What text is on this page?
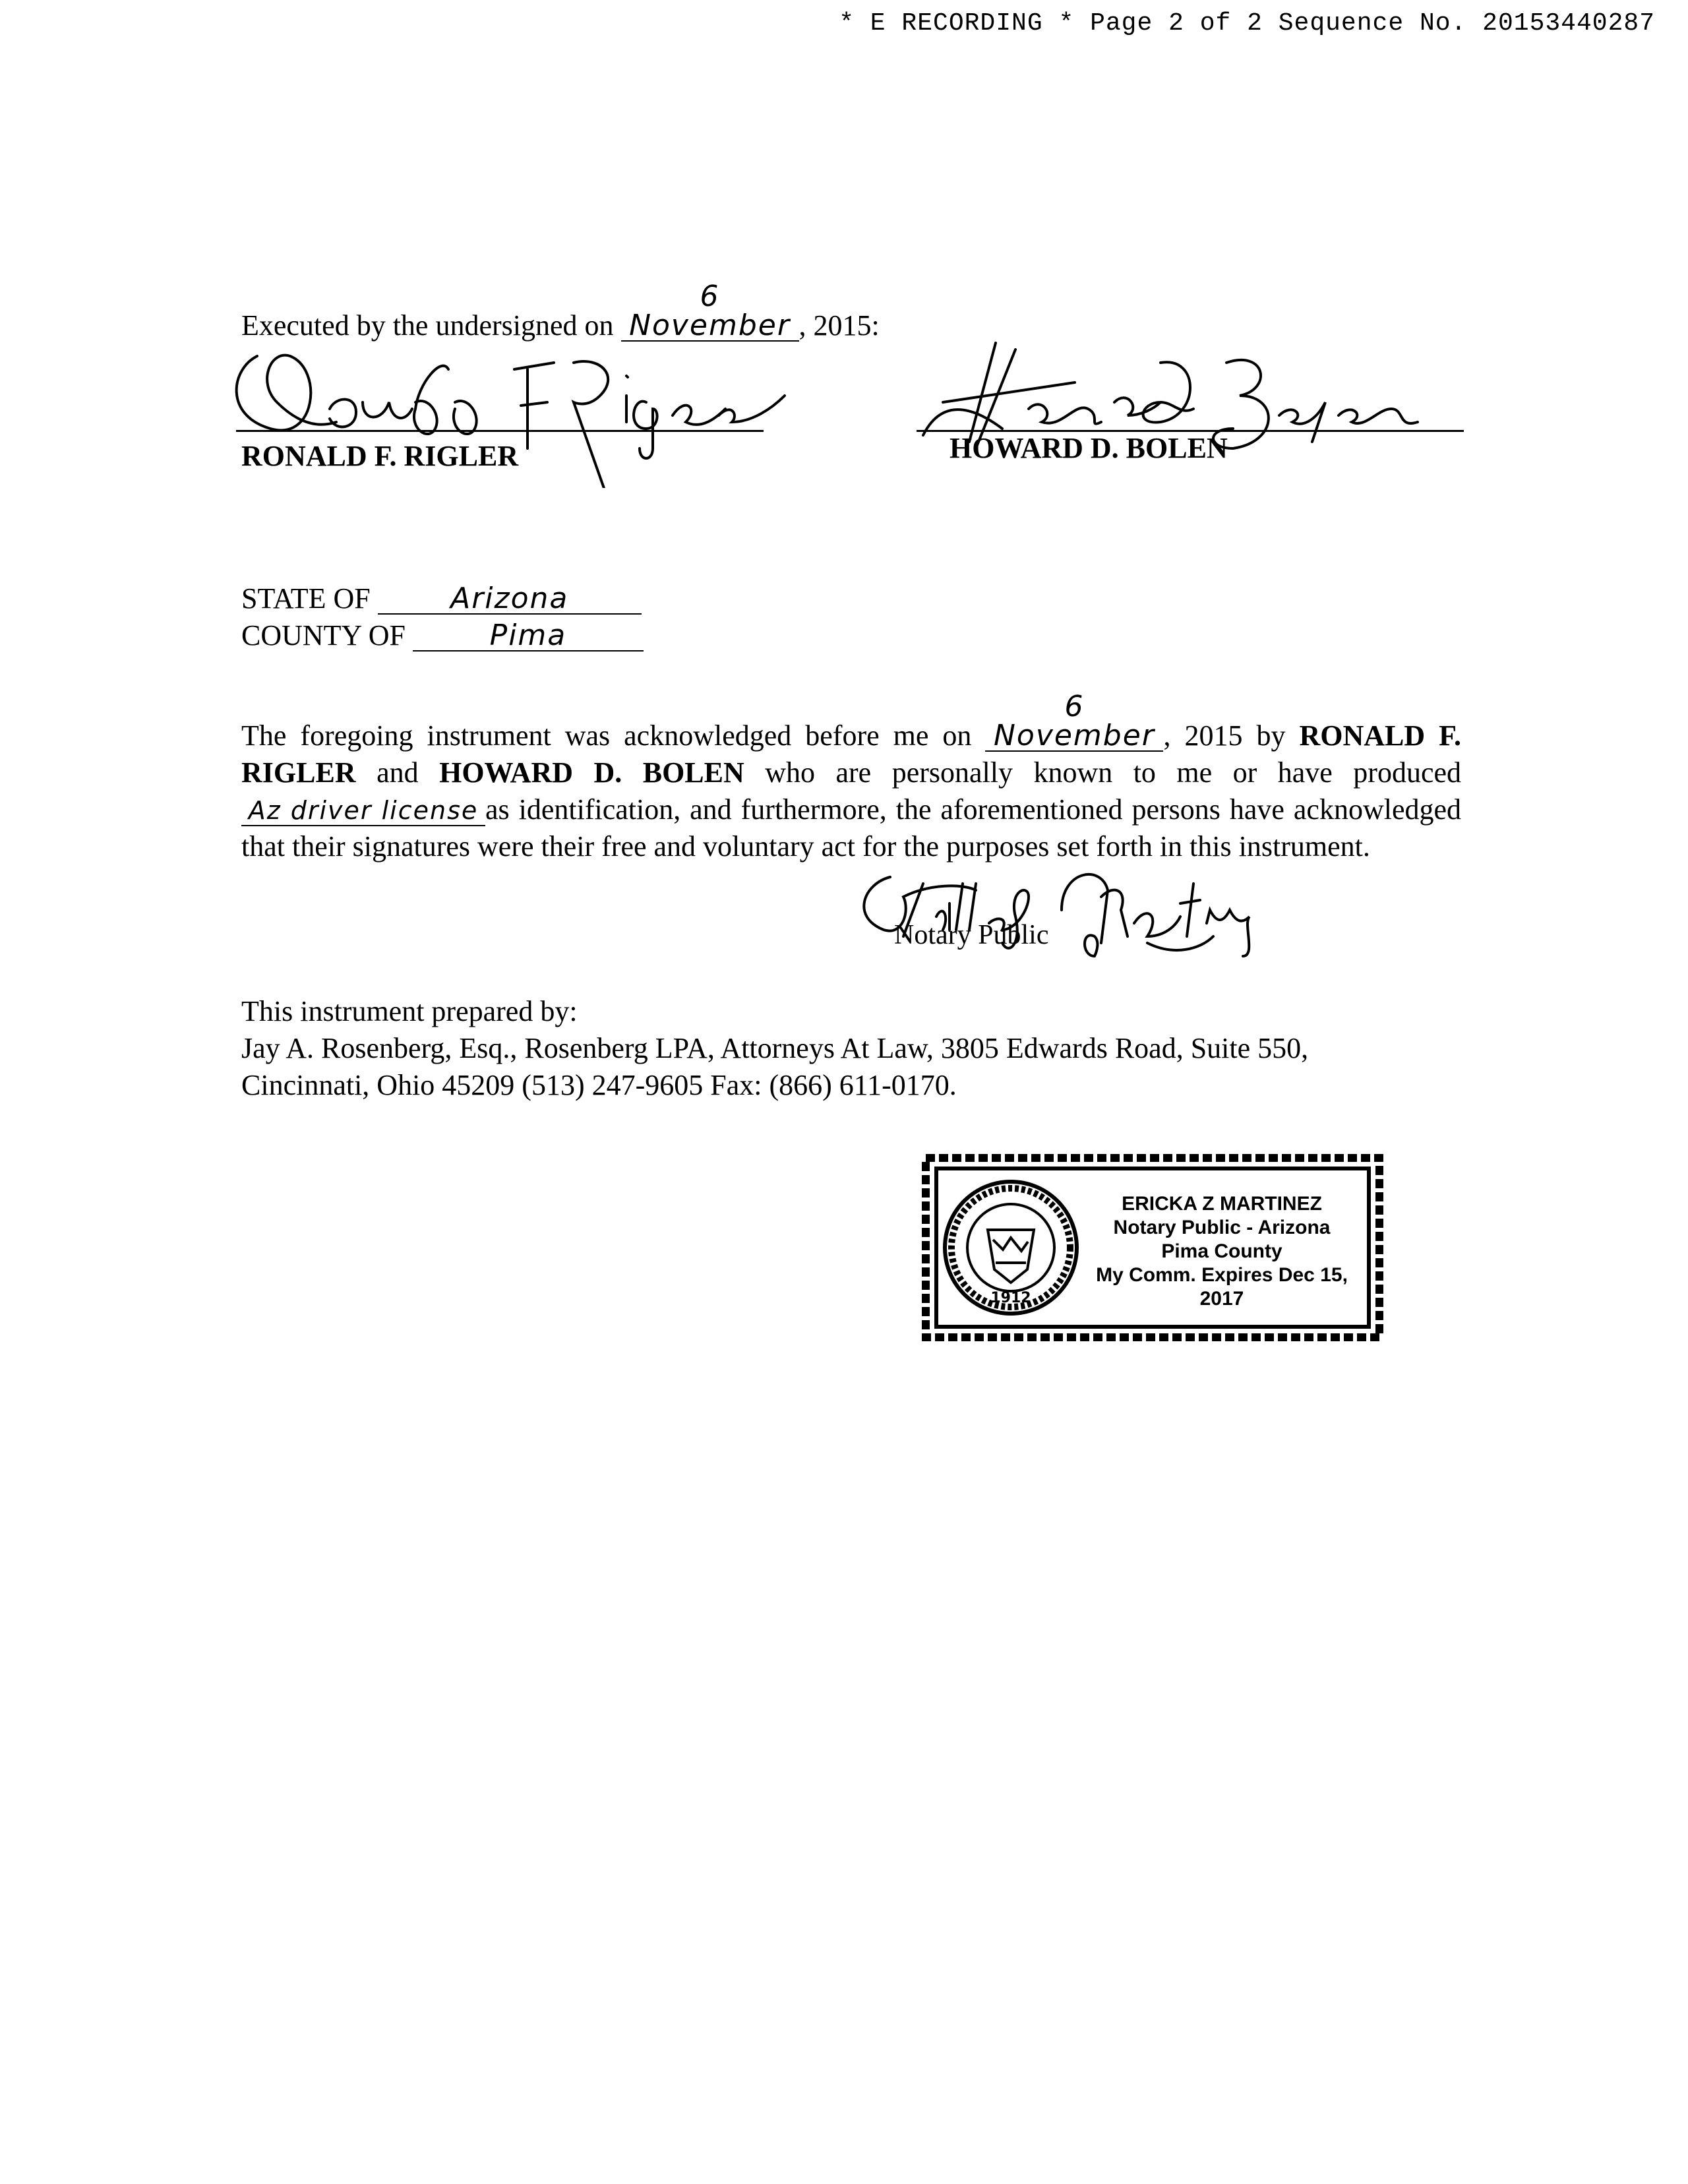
* E RECORDING * Page 2 of 2 Sequence No. 20153440287
Executed by the undersigned on 6 November , 2015:
RONALD F. RIGLER	HOWARD D. BOLEN
STATE OF	Arizona
COUNTY OF	Pima
The foregoing instrument was acknowledged before me on 6 November , 2015 by RONALD F. RIGLER and HOWARD D. BOLEN who are personally known to me or have produced Az driver license as identification, and furthermore, the aforementioned persons have acknowledged that their signatures were their free and voluntary act for the purposes set forth in this instrument.
Notary Public
This instrument prepared by:
Jay A. Rosenberg, Esq., Rosenberg LPA, Attorneys At Law, 3805 Edwards Road, Suite 550,
Cincinnati, Ohio 45209 (513) 247-9605 Fax: (866) 611-0170.
1912
ERICKA Z MARTINEZ
Notary Public - Arizona
Pima County
My Comm. Expires Dec 15, 2017
